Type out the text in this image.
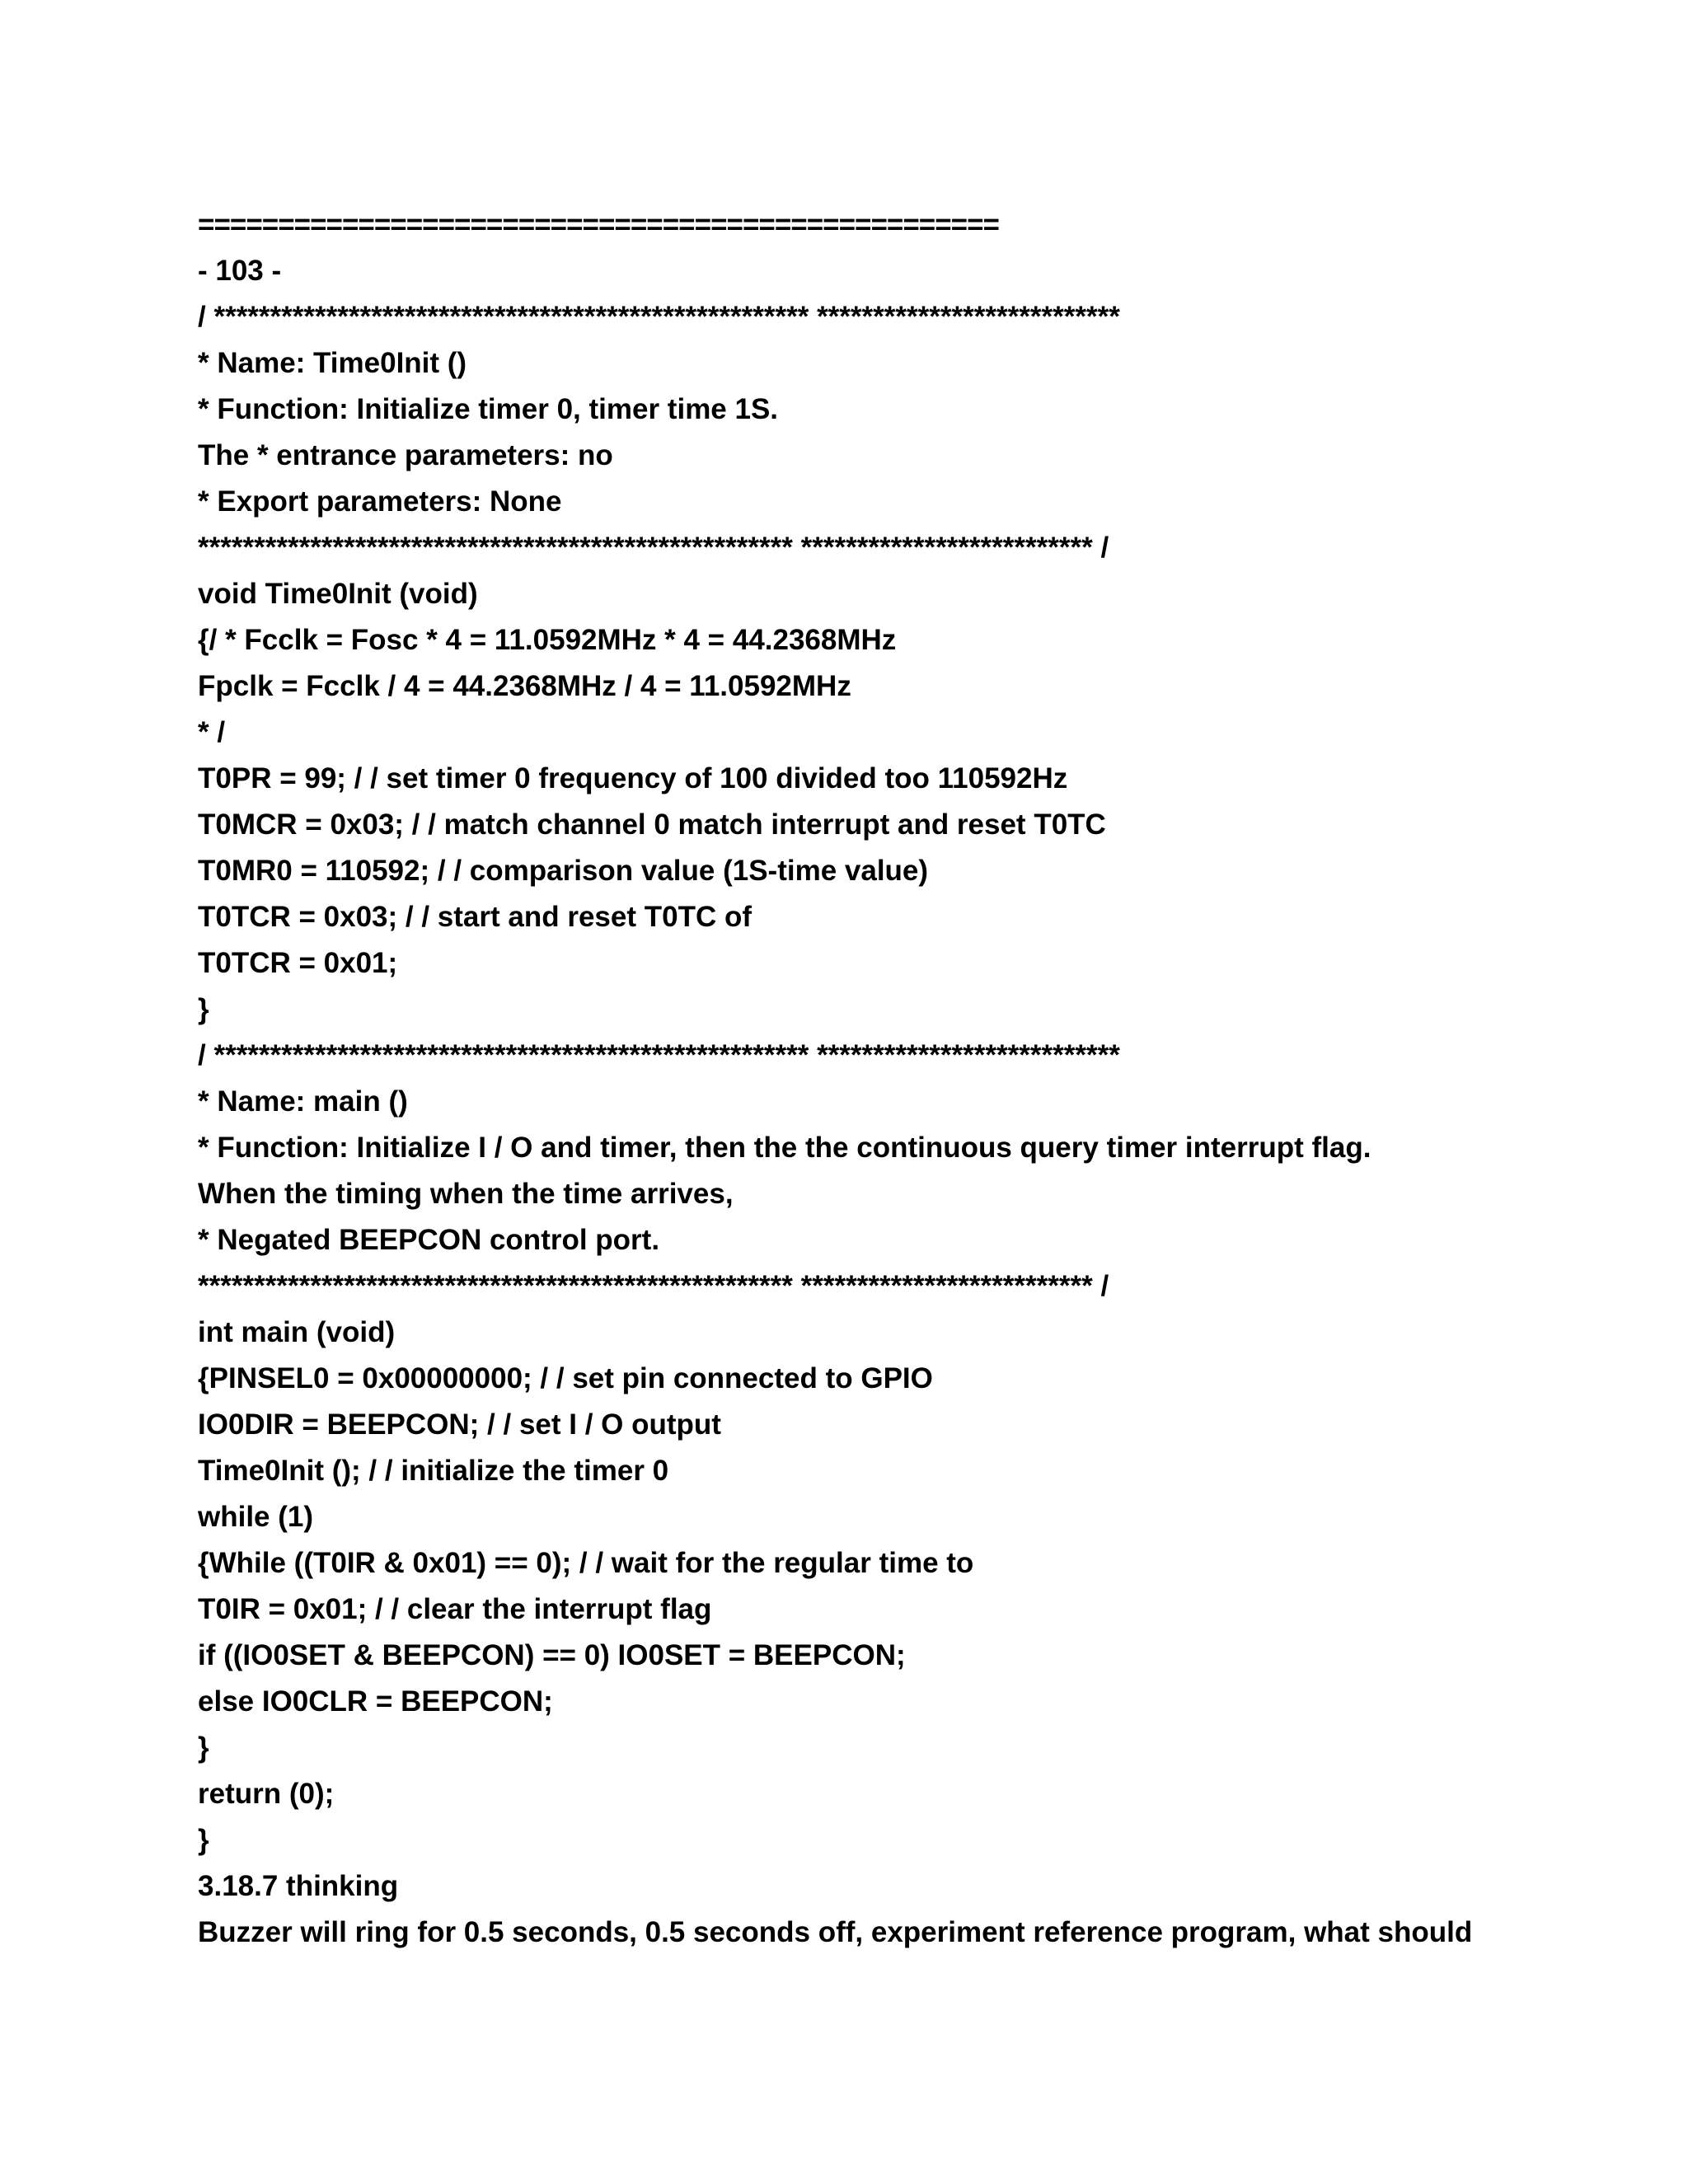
==================================================
- 103 -
/ ***************************************************** ***************************
* Name: Time0Init ()
* Function: Initialize timer 0, timer time 1S.
The * entrance parameters: no
* Export parameters: None
***************************************************** ************************** /
void Time0Init (void)
{/ * Fcclk = Fosc * 4 = 11.0592MHz * 4 = 44.2368MHz
Fpclk = Fcclk / 4 = 44.2368MHz / 4 = 11.0592MHz
* /
T0PR = 99; / / set timer 0 frequency of 100 divided too 110592Hz
T0MCR = 0x03; / / match channel 0 match interrupt and reset T0TC
T0MR0 = 110592; / / comparison value (1S-time value)
T0TCR = 0x03; / / start and reset T0TC of
T0TCR = 0x01;
}
/ ***************************************************** ***************************
* Name: main ()
* Function: Initialize I / O and timer, then the the continuous query timer interrupt flag.
When the timing when the time arrives,
* Negated BEEPCON control port.
***************************************************** ************************** /
int main (void)
{PINSEL0 = 0x00000000; / / set pin connected to GPIO
IO0DIR = BEEPCON; / / set I / O output
Time0Init (); / / initialize the timer 0
while (1)
{While ((T0IR & 0x01) == 0); / / wait for the regular time to
T0IR = 0x01; / / clear the interrupt flag
if ((IO0SET & BEEPCON) == 0) IO0SET = BEEPCON;
else IO0CLR = BEEPCON;
}
return (0);
}
3.18.7 thinking
Buzzer will ring for 0.5 seconds, 0.5 seconds off, experiment reference program, what should
